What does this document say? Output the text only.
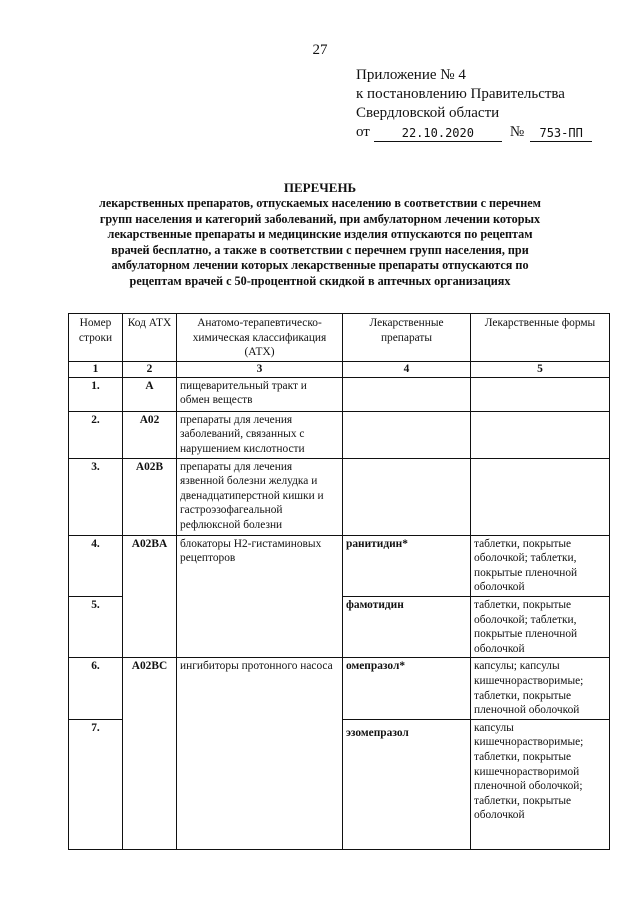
27
Приложение № 4
к постановлению Правительства
Свердловской области
от	22.10.2020	№	753-ПП
ПЕРЕЧЕНЬ
лекарственных препаратов, отпускаемых населению в соответствии с перечнем групп населения и категорий заболеваний, при амбулаторном лечении которых лекарственные препараты и медицинские изделия отпускаются по рецептам врачей бесплатно, а также в соответствии с перечнем групп населения, при амбулаторном лечении которых лекарственные препараты отпускаются по рецептам врачей с 50-процентной скидкой в аптечных организациях
Номер строки	Код АТХ	Анатомо-терапевтическо-химическая классификация (АТХ)	Лекарственные препараты	Лекарственные формы
1	2	3	4	5
1.	A	пищеварительный тракт и обмен веществ		
2.	A02	препараты для лечения заболеваний, связанных с нарушением кислотности		
3.	A02B	препараты для лечения язвенной болезни желудка и двенадцатиперстной кишки и гастроэзофагеальной рефлюксной болезни		
4.	A02BA	блокаторы Н2-гистаминовых рецепторов	ранитидин*	таблетки, покрытые оболочкой; таблетки, покрытые пленочной оболочкой
5.			фамотидин	таблетки, покрытые оболочкой; таблетки, покрытые пленочной оболочкой
6.	A02BC	ингибиторы протонного насоса	омепразол*	капсулы; капсулы кишечнорастворимые; таблетки, покрытые пленочной оболочкой
7.			эзомепразол	капсулы кишечнорастворимые; таблетки, покрытые кишечнорастворимой пленочной оболочкой; таблетки, покрытые оболочкой
